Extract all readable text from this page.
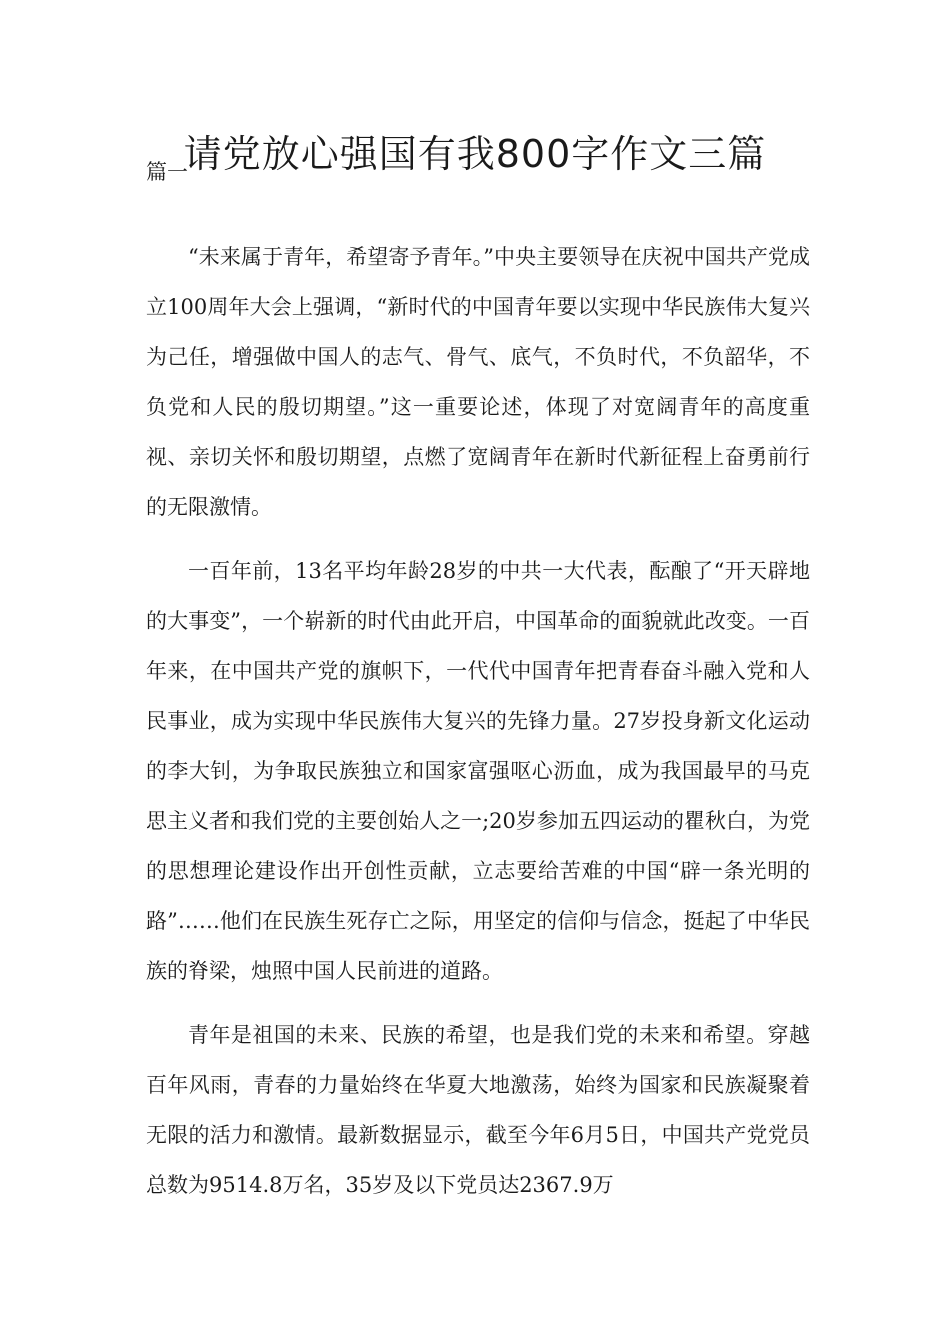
请党放心强国有我800字作文三篇
篇一

“未来属于青年，希望寄予青年。”中央主要领导在庆祝中国共产党成立100周年大会上强调，“新时代的中国青年要以实现中华民族伟大复兴为己任，增强做中国人的志气、骨气、底气，不负时代，不负韶华，不负党和人民的殷切期望。”这一重要论述，体现了对宽阔青年的高度重视、亲切关怀和殷切期望，点燃了宽阔青年在新时代新征程上奋勇前行的无限激情。

一百年前，13名平均年龄28岁的中共一大代表，酝酿了“开天辟地的大事变”，一个崭新的时代由此开启，中国革命的面貌就此改变。一百年来，在中国共产党的旗帜下，一代代中国青年把青春奋斗融入党和人民事业，成为实现中华民族伟大复兴的先锋力量。27岁投身新文化运动的李大钊，为争取民族独立和国家富强呕心沥血，成为我国最早的马克思主义者和我们党的主要创始人之一;20岁参加五四运动的瞿秋白，为党的思想理论建设作出开创性贡献，立志要给苦难的中国“辟一条光明的路”……他们在民族生死存亡之际，用坚定的信仰与信念，挺起了中华民族的脊梁，烛照中国人民前进的道路。

青年是祖国的未来、民族的希望，也是我们党的未来和希望。穿越百年风雨，青春的力量始终在华夏大地激荡，始终为国家和民族凝聚着无限的活力和激情。最新数据显示，截至今年6月5日，中国共产党党员总数为9514.8万名，35岁及以下党员达2367.9万
